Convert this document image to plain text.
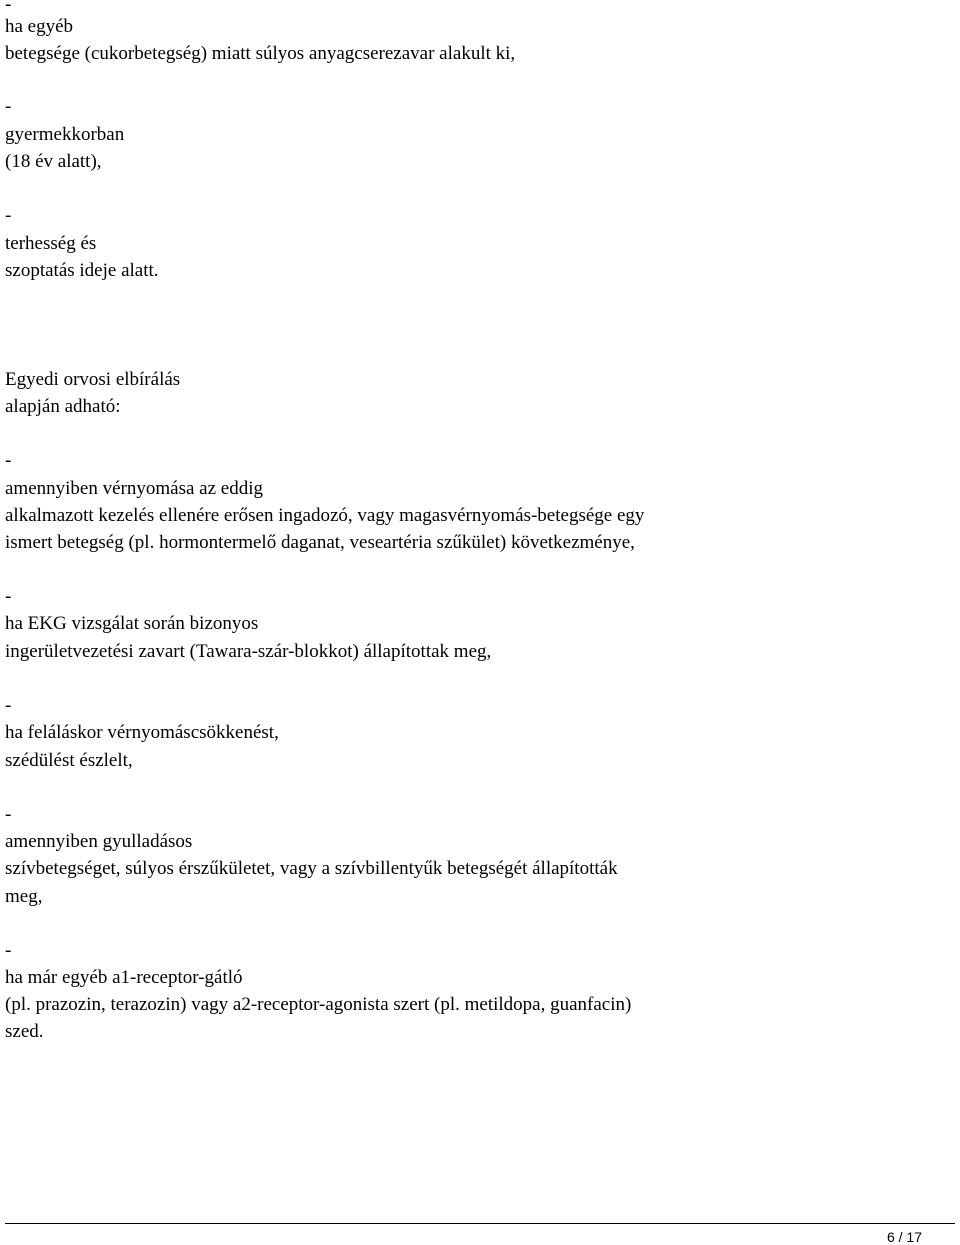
-

ha egyéb

betegsége (cukorbetegség) miatt súlyos anyagcserezavar alakult ki,

-

gyermekkorban

(18 év alatt),

-

terhesség és

szoptatás ideje alatt.

Egyedi orvosi elbírálás

alapján adható:

-

amennyiben vérnyomása az eddig

alkalmazott kezelés ellenére erősen ingadozó, vagy magasvérnyomás-betegsége egy

ismert betegség (pl. hormontermelő daganat, veseartéria szűkület) következménye,

-

ha EKG vizsgálat során bizonyos

ingerületvezetési zavart (Tawara-szár-blokkot) állapítottak meg,

-

ha feláláskor vérnyomáscsökkenést,

szédülést észlelt,

-

amennyiben gyulladásos

szívbetegséget, súlyos érszűkületet, vagy a szívbillentyűk betegségét állapították

meg,

-

ha már egyéb a1-receptor-gátló

(pl. prazozin, terazozin) vagy a2-receptor-agonista szert (pl. metildopa, guanfacin)

szed.

6 / 17
